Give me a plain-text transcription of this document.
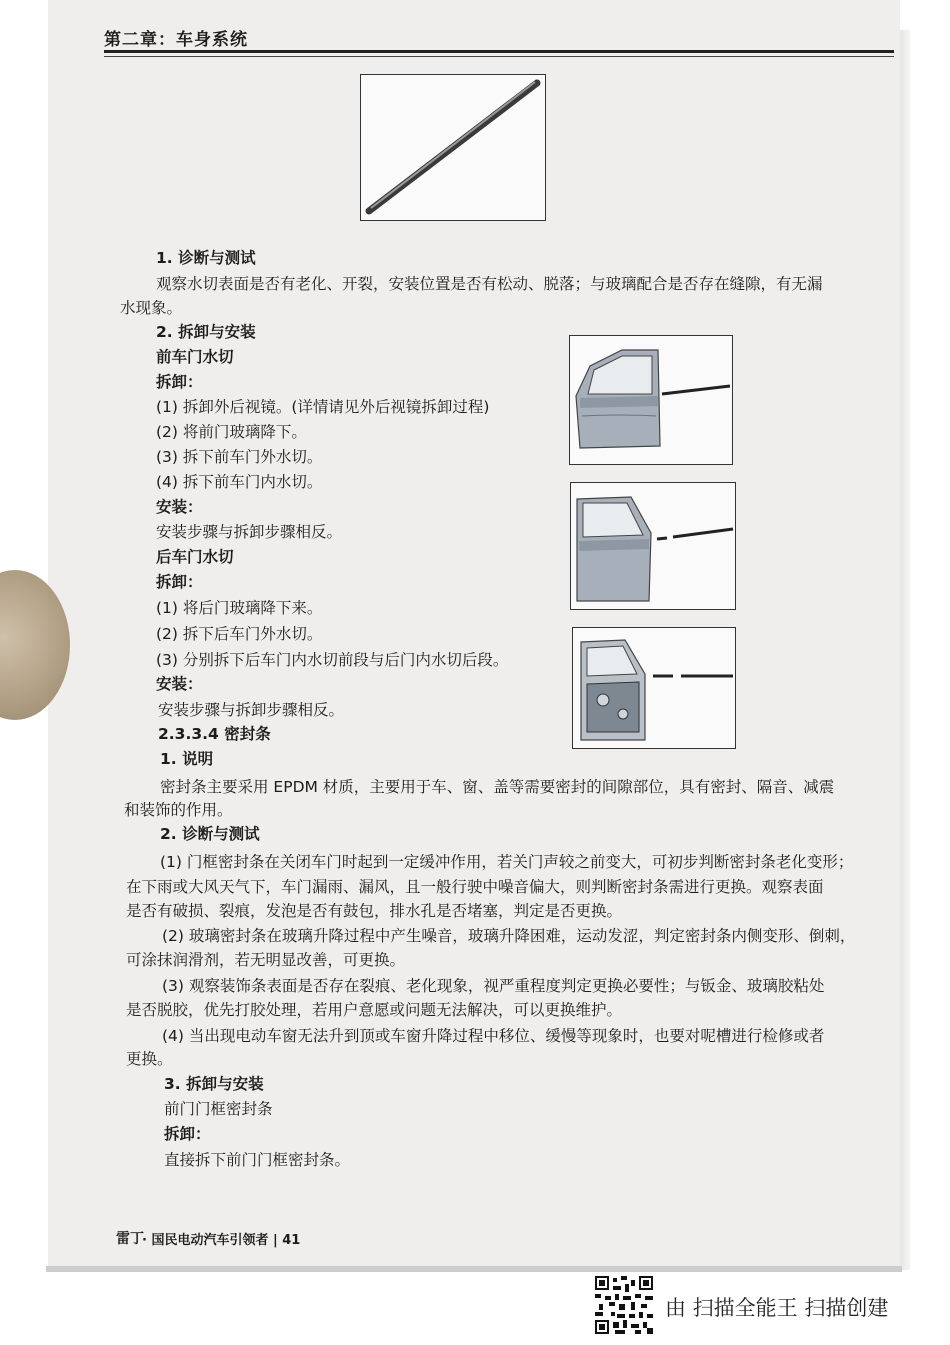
第二章：车身系统
1. 诊断与测试
观察水切表面是否有老化、开裂，安装位置是否有松动、脱落；与玻璃配合是否存在缝隙，有无漏
水现象。
2. 拆卸与安装
前车门水切
拆卸：
(1) 拆卸外后视镜。(详情请见外后视镜拆卸过程)
(2) 将前门玻璃降下。
(3) 拆下前车门外水切。
(4) 拆下前车门内水切。
安装：
安装步骤与拆卸步骤相反。
后车门水切
拆卸：
(1) 将后门玻璃降下来。
(2) 拆下后车门外水切。
(3) 分别拆下后车门内水切前段与后门内水切后段。
安装：
安装步骤与拆卸步骤相反。
2.3.3.4 密封条
1. 说明
密封条主要采用 EPDM 材质，主要用于车、窗、盖等需要密封的间隙部位，具有密封、隔音、减震
和装饰的作用。
2. 诊断与测试
(1) 门框密封条在关闭车门时起到一定缓冲作用，若关门声较之前变大，可初步判断密封条老化变形；
在下雨或大风天气下，车门漏雨、漏风，且一般行驶中噪音偏大，则判断密封条需进行更换。观察表面
是否有破损、裂痕，发泡是否有鼓包，排水孔是否堵塞，判定是否更换。
(2) 玻璃密封条在玻璃升降过程中产生噪音，玻璃升降困难，运动发涩，判定密封条内侧变形、倒刺，
可涂抹润滑剂，若无明显改善，可更换。
(3) 观察装饰条表面是否存在裂痕、老化现象，视严重程度判定更换必要性；与钣金、玻璃胶粘处
是否脱胶，优先打胶处理，若用户意愿或问题无法解决，可以更换维护。
(4) 当出现电动车窗无法升到顶或车窗升降过程中移位、缓慢等现象时，也要对呢槽进行检修或者
更换。
3. 拆卸与安装
前门门框密封条
拆卸：
直接拆下前门门框密封条。
雷丁
· 国民电动汽车引领者 | 41
由 扫描全能王 扫描创建
